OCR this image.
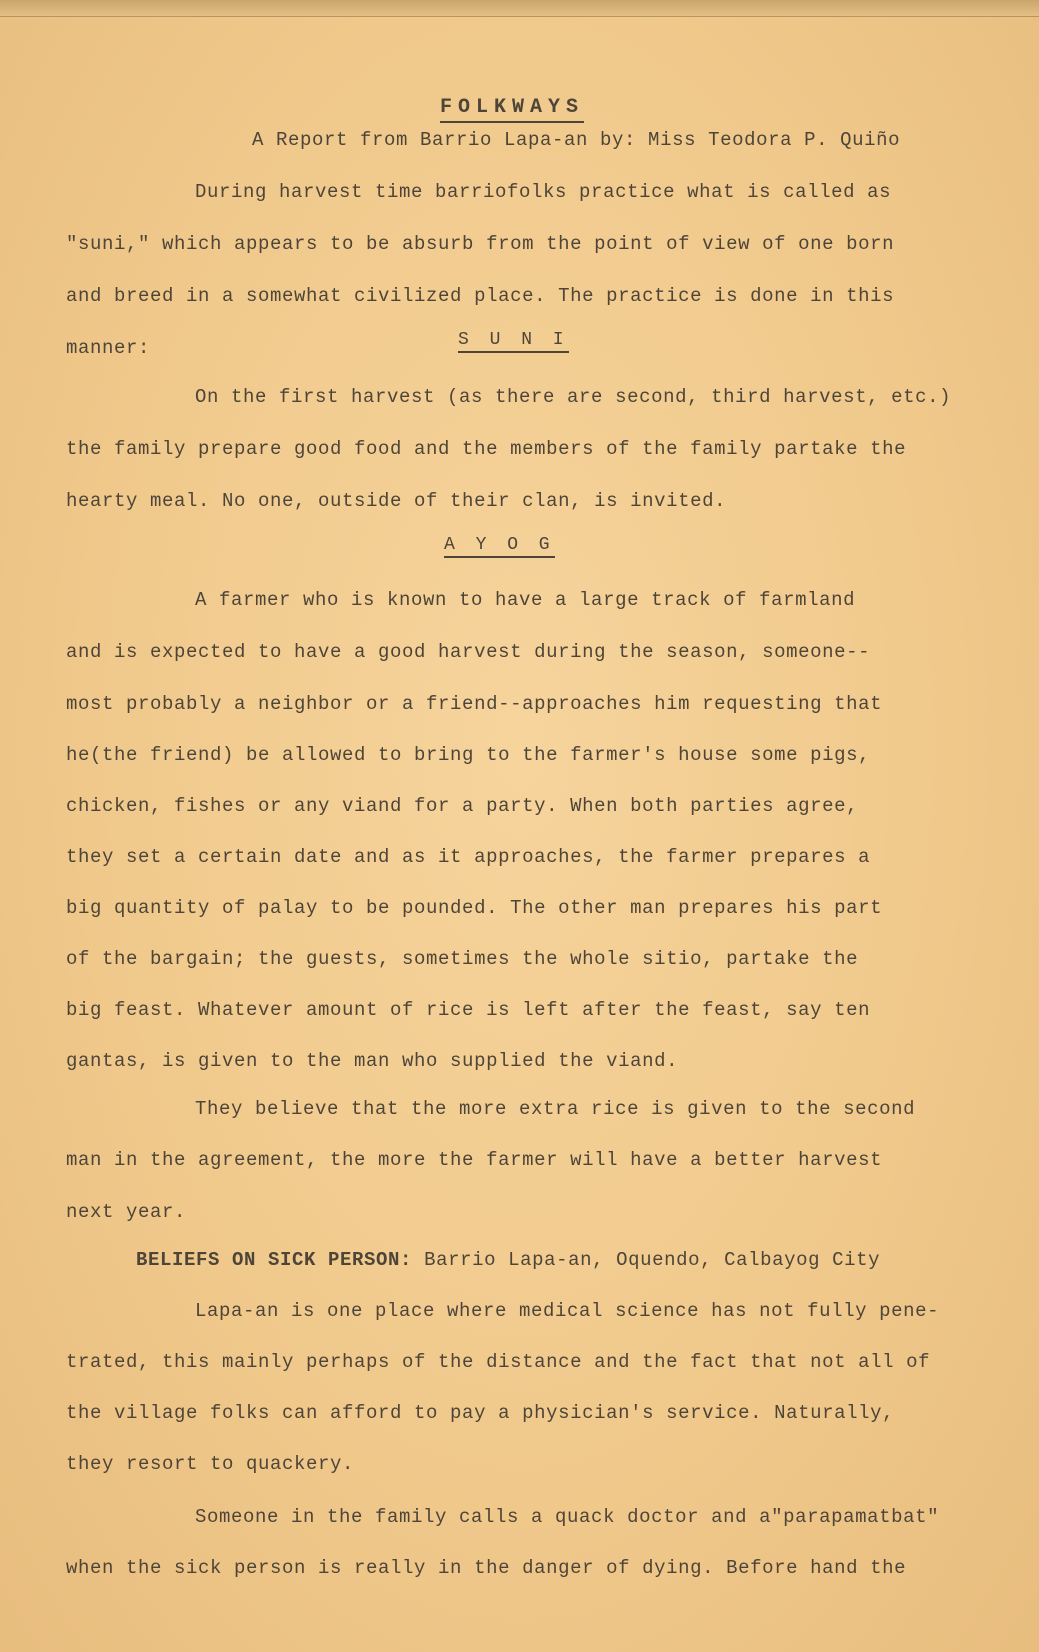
FOLKWAYS
A Report from Barrio Lapa-an by: Miss Teodora P. Quiño
During harvest time barriofolks practice what is called as
"suni," which appears to be absurb from the point of view of one born
and breed in a somewhat civilized place. The practice is done in this
manner:	S U N I
On the first harvest (as there are second, third harvest, etc.)
the family prepare good food and the members of the family partake the
hearty meal. No one, outside of their clan, is invited.
A Y O G
A farmer who is known to have a large track of farmland
and is expected to have a good harvest during the season, someone--
most probably a neighbor or a friend--approaches him requesting that
he(the friend) be allowed to bring to the farmer's house some pigs,
chicken, fishes or any viand for a party. When both parties agree,
they set a certain date and as it approaches, the farmer prepares a
big quantity of palay to be pounded. The other man prepares his part
of the bargain; the guests, sometimes the whole sitio, partake the
big feast. Whatever amount of rice is left after the feast, say ten
gantas, is given to the man who supplied the viand.
They believe that the more extra rice is given to the second
man in the agreement, the more the farmer will have a better harvest
next year.
BELIEFS ON SICK PERSON: Barrio Lapa-an, Oquendo, Calbayog City
Lapa-an is one place where medical science has not fully pene-
trated, this mainly perhaps of the distance and the fact that not all of
the village folks can afford to pay a physician's service. Naturally,
they resort to quackery.
Someone in the family calls a quack doctor and a"parapamatbat"
when the sick person is really in the danger of dying. Before hand the
